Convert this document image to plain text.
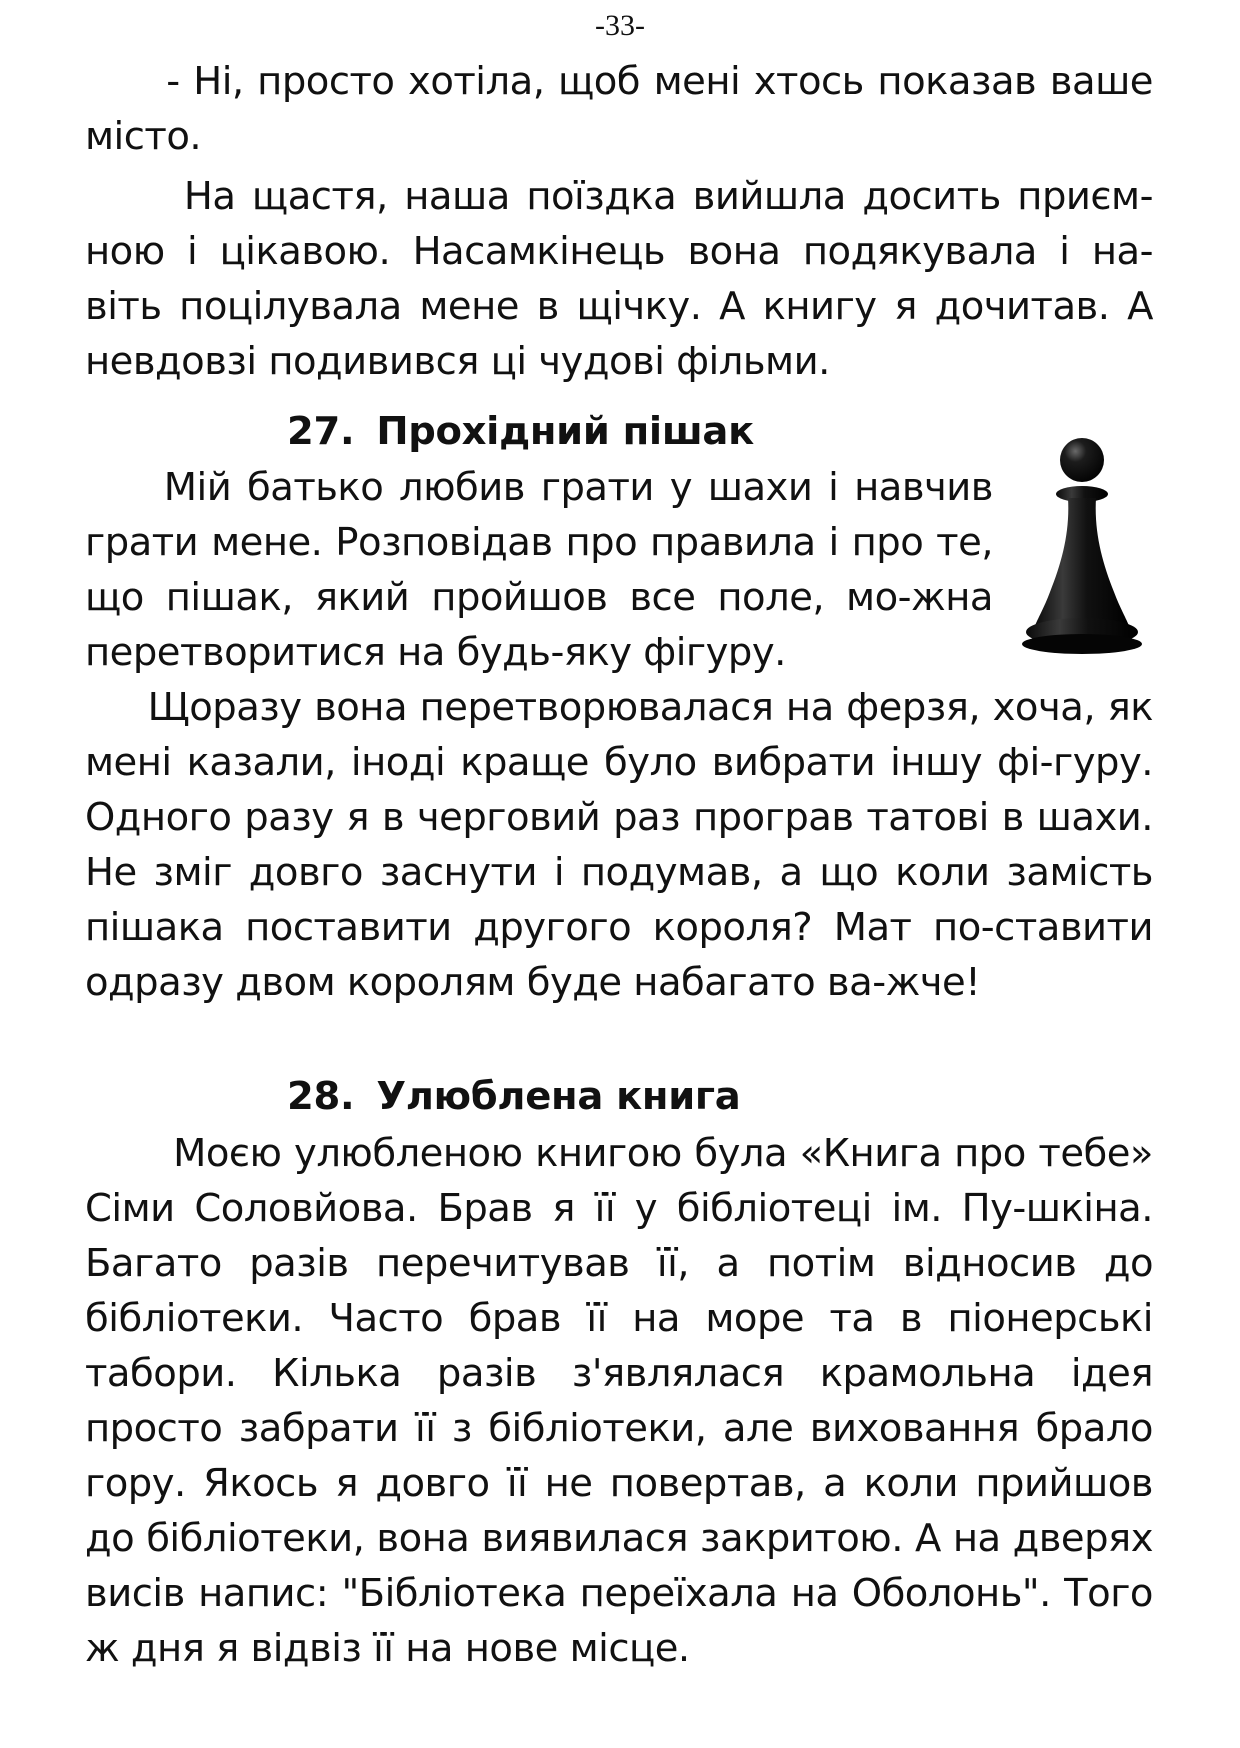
-33-

- Ні, просто хотіла, щоб мені хтось показав ваше місто.

На щастя, наша поїздка вийшла досить приєм-ною і цікавою. Насамкінець вона подякувала і на-віть поцілувала мене в щічку. А книгу я дочитав. А невдовзі подивився ці чудові фільми.

27. Прохідний пішак

Мій батько любив грати у шахи і навчив грати мене. Розповідав про правила і про те, що пішак, який пройшов все поле, мо-жна перетворитися на будь-яку фігуру.

Щоразу вона перетворювалася на ферзя, хоча, як мені казали, іноді краще було вибрати іншу фі-гуру. Одного разу я в черговий раз програв татові в шахи. Не зміг довго заснути і подумав, а що коли замість пішака поставити другого короля? Мат по-ставити одразу двом королям буде набагато ва-жче!

28. Улюблена книга

Моєю улюбленою книгою була «Книга про тебе» Сіми Соловйова. Брав я її у бібліотеці ім. Пу-шкіна. Багато разів перечитував її, а потім відносив до бібліотеки. Часто брав її на море та в піонерські табори. Кілька разів з'являлася крамольна ідея просто забрати її з бібліотеки, але виховання брало гору. Якось я довго її не повертав, а коли прийшов до бібліотеки, вона виявилася закритою. А на дверях висів напис: "Бібліотека переїхала на Оболонь". Того ж дня я відвіз її на нове місце.
